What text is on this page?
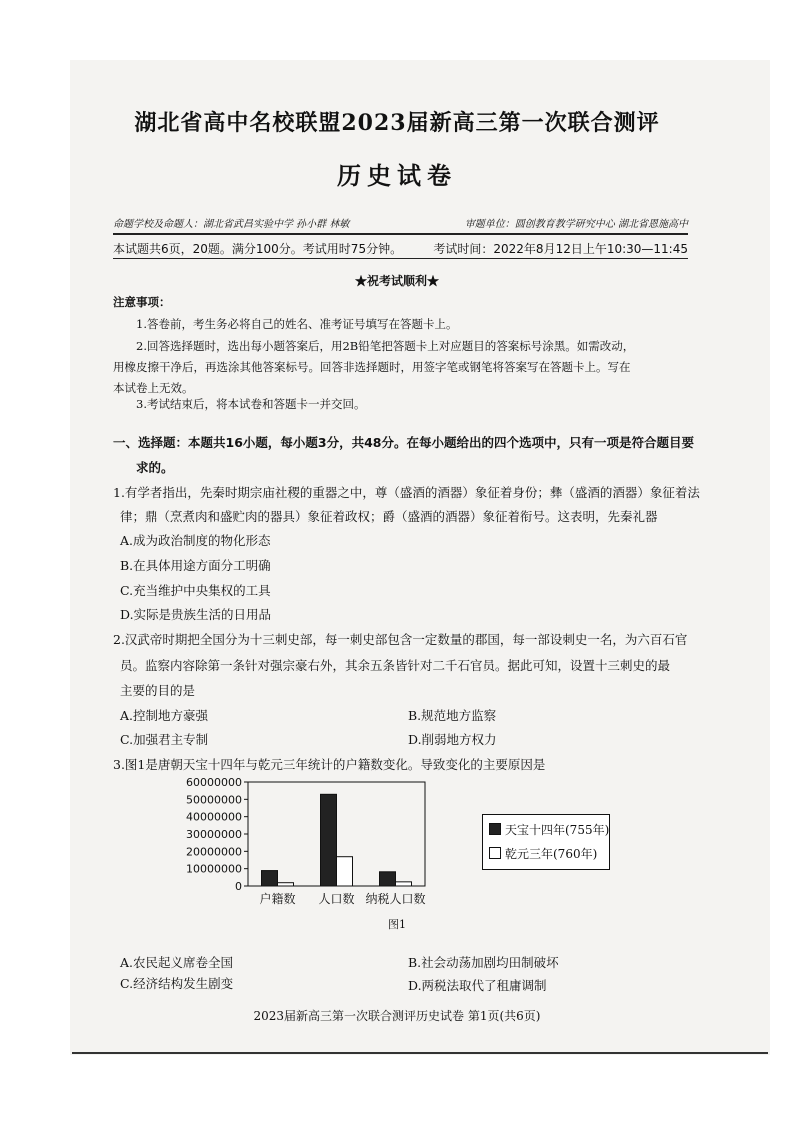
湖北省高中名校联盟2023届新高三第一次联合测评
历史试卷
命题学校及命题人：湖北省武昌实验中学 孙小群 林敏	审题单位：圆创教育教学研究中心 湖北省恩施高中
本试题共6页，20题。满分100分。考试用时75分钟。	考试时间：2022年8月12日上午10:30—11:45
★祝考试顺利★
注意事项：
1.答卷前，考生务必将自己的姓名、准考证号填写在答题卡上。
2.回答选择题时，选出每小题答案后，用2B铅笔把答题卡上对应题目的答案标号涂黑。如需改动，
用橡皮擦干净后，再选涂其他答案标号。回答非选择题时，用签字笔或钢笔将答案写在答题卡上。写在
本试卷上无效。
3.考试结束后，将本试卷和答题卡一并交回。
一、选择题：本题共16小题，每小题3分，共48分。在每小题给出的四个选项中，只有一项是符合题目要
求的。
1.有学者指出，先秦时期宗庙社稷的重器之中，尊（盛酒的酒器）象征着身份；彝（盛酒的酒器）象征着法
律；鼎（烹煮肉和盛贮肉的器具）象征着政权；爵（盛酒的酒器）象征着衔号。这表明，先秦礼器
A.成为政治制度的物化形态
B.在具体用途方面分工明确
C.充当维护中央集权的工具
D.实际是贵族生活的日用品
2.汉武帝时期把全国分为十三刺史部，每一刺史部包含一定数量的郡国，每一部设刺史一名，为六百石官
员。监察内容除第一条针对强宗豪右外，其余五条皆针对二千石官员。据此可知，设置十三刺史的最
主要的目的是
A.控制地方豪强	B.规范地方监察
C.加强君主专制	D.削弱地方权力
3.图1是唐朝天宝十四年与乾元三年统计的户籍数变化。导致变化的主要原因是
0
10000000
20000000
30000000
40000000
50000000
60000000
户籍数 人口数 纳税人口数
天宝十四年(755年)
乾元三年(760年)
图1
A.农民起义席卷全国	B.社会动荡加剧均田制破坏
C.经济结构发生剧变	D.两税法取代了租庸调制
2023届新高三第一次联合测评历史试卷 第1页(共6页)
